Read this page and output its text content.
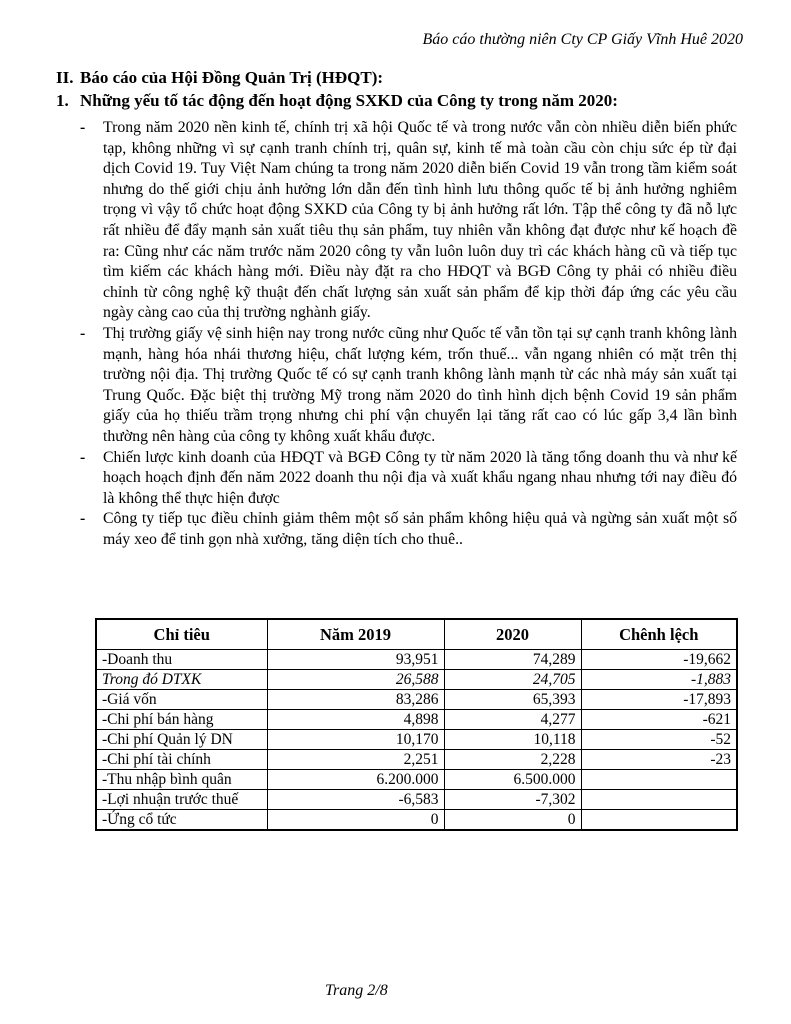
Báo cáo thường niên Cty CP Giấy Vĩnh Huê 2020
II. Báo cáo của Hội Đồng Quản Trị (HĐQT):
1. Những yếu tố tác động đến hoạt động SXKD của Công ty trong năm 2020:
-	Trong năm 2020 nền kinh tế, chính trị xã hội Quốc tế và trong nước vẫn còn nhiều diễn biến phức tạp, không những vì sự cạnh tranh chính trị, quân sự, kinh tế mà toàn cầu còn chịu sức ép từ đại dịch Covid 19. Tuy Việt Nam chúng ta trong năm 2020 diễn biến Covid 19 vẫn trong tầm kiểm soát nhưng do thế giới chịu ảnh hưởng lớn dẫn đến tình hình lưu thông quốc tế bị ảnh hưởng nghiêm trọng vì vậy tổ chức hoạt động SXKD của Công ty bị ảnh hưởng rất lớn. Tập thể công ty đã nỗ lực rất nhiều để đẩy mạnh sản xuất tiêu thụ sản phẩm, tuy nhiên vẫn không đạt được như kế hoạch đề ra: Cũng như các năm trước năm 2020 công ty vẫn luôn luôn duy trì các khách hàng cũ và tiếp tục tìm kiếm các khách hàng mới. Điều này đặt ra cho HĐQT và BGĐ Công ty phải có nhiều điều chỉnh từ công nghệ kỹ thuật đến chất lượng sản xuất sản phẩm để kịp thời đáp ứng các yêu cầu ngày càng cao của thị trường nghành giấy.
-	Thị trường giấy vệ sinh hiện nay trong nước cũng như Quốc tế vẫn tồn tại sự cạnh tranh không lành mạnh, hàng hóa nhái thương hiệu, chất lượng kém, trốn thuế... vẫn ngang nhiên có mặt trên thị trường nội địa. Thị trường Quốc tế có sự cạnh tranh không lành mạnh từ các nhà máy sản xuất tại Trung Quốc. Đặc biệt thị trường Mỹ trong năm 2020 do tình hình dịch bệnh Covid 19 sản phẩm giấy của họ thiếu trầm trọng nhưng chi phí vận chuyển lại tăng rất cao có lúc gấp 3,4 lần bình thường nên hàng của công ty không xuất khẩu được.
-	Chiến lược kinh doanh của HĐQT và BGĐ Công ty từ năm 2020 là tăng tổng doanh thu và như kế hoạch hoạch định đến năm 2022 doanh thu nội địa và xuất khẩu ngang nhau nhưng tới nay điều đó là không thể thực hiện được
-	Công ty tiếp tục điều chỉnh giảm thêm một số sản phẩm không hiệu quả và ngừng sản xuất một số máy xeo để tinh gọn nhà xưởng, tăng diện tích cho thuê..
Chỉ tiêu	Năm 2019	2020	Chênh lệch
-Doanh thu	93,951	74,289	-19,662
Trong đó DTXK	26,588	24,705	-1,883
-Giá vốn	83,286	65,393	-17,893
-Chi phí bán hàng	4,898	4,277	-621
-Chi phí Quản lý DN	10,170	10,118	-52
-Chi phí tài chính	2,251	2,228	-23
-Thu nhập bình quân	6.200.000	6.500.000	
-Lợi nhuận trước thuế	-6,583	-7,302	
-Ứng cổ tức	0	0	
Trang 2/8
